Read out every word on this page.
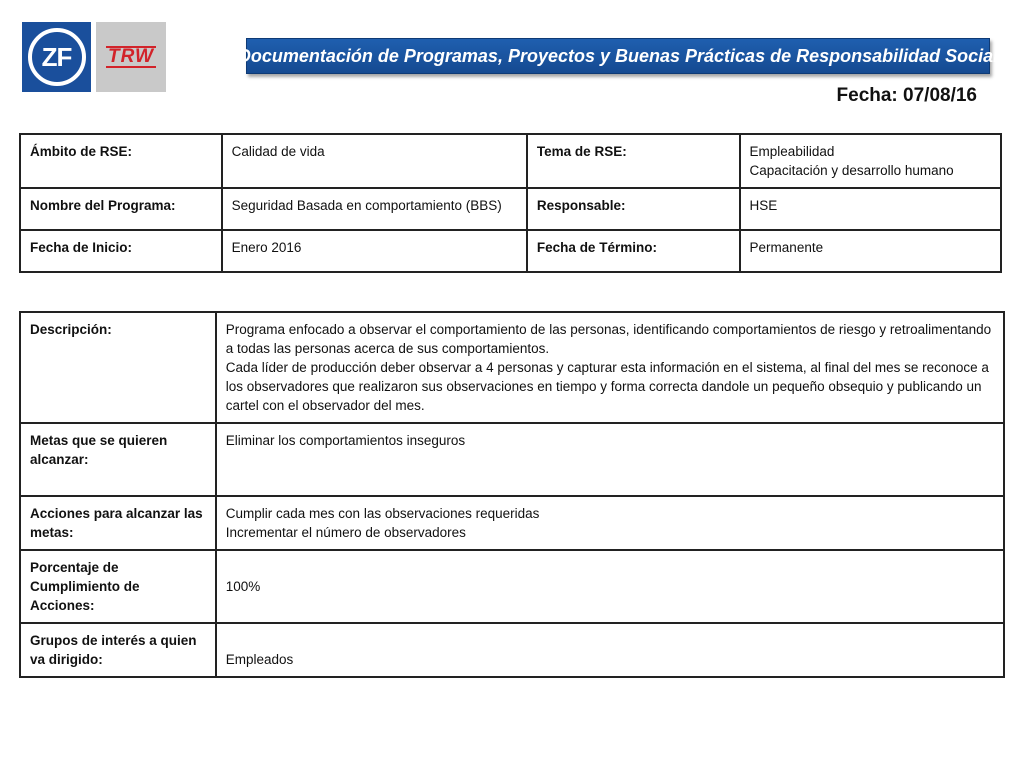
ZF	TRW	Documentación de Programas, Proyectos y Buenas Prácticas de Responsabilidad Social
Fecha: 07/08/16
Ámbito de RSE:	Calidad de vida	Tema de RSE:	Empleabilidad
Capacitación y desarrollo humano

Nombre del Programa:	Seguridad Basada en comportamiento (BBS)	Responsable:	HSE
Fecha de Inicio:	Enero 2016	Fecha de Término:	Permanente
Descripción:	Programa enfocado a observar el comportamiento de las personas, identificando comportamientos de riesgo y retroalimentando a todas las personas acerca de sus comportamientos.
Cada líder de producción deber observar a 4 personas y capturar esta información en el sistema, al final del mes se reconoce a los observadores que realizaron sus observaciones en tiempo y forma correcta dandole un pequeño obsequio y publicando un cartel con el observador del mes.

Metas que se quieren alcanzar:	Eliminar los comportamientos inseguros
Acciones para alcanzar las metas:	Cumplir cada mes con las observaciones requeridas
Incrementar el número de observadores

Porcentaje de Cumplimiento de Acciones:	100%
Grupos de interés a quien va dirigido:	Empleados
